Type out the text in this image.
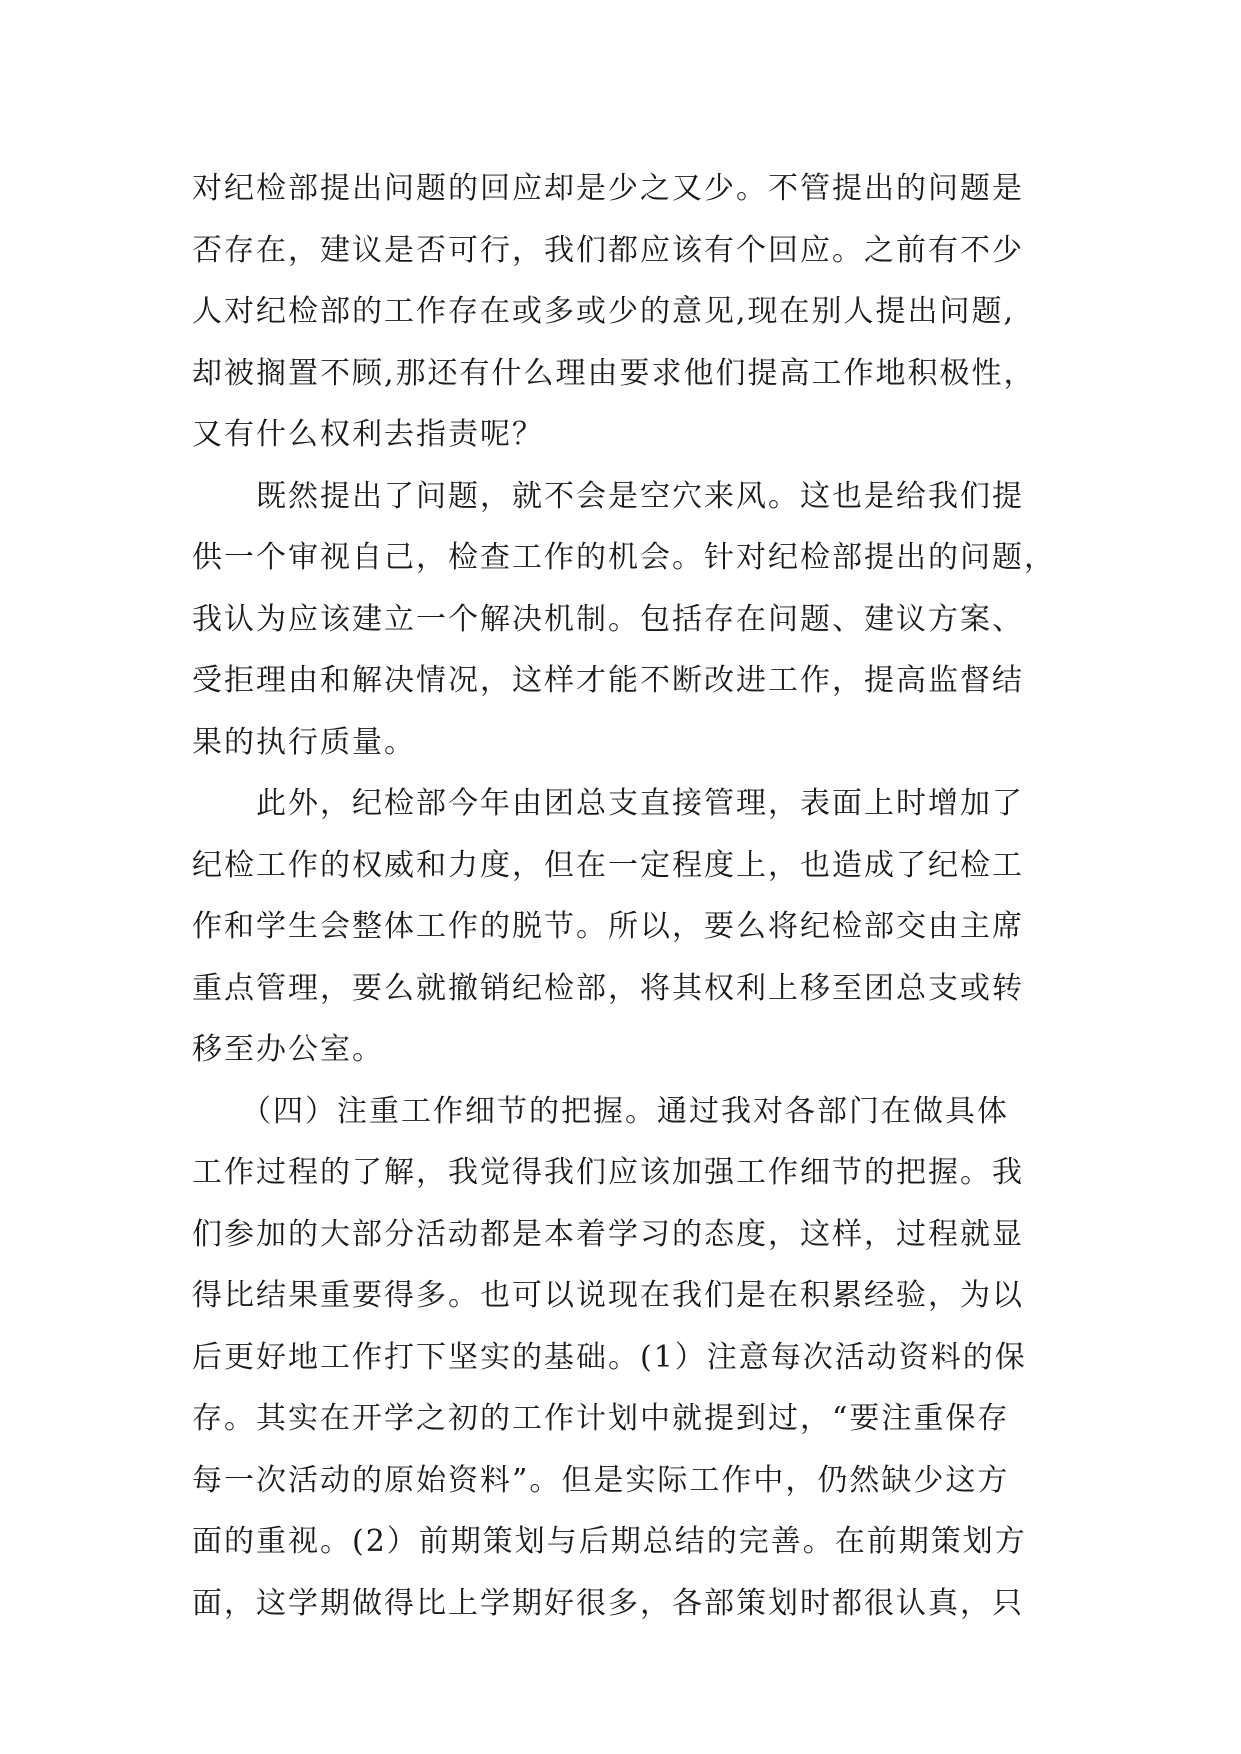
对纪检部提出问题的回应却是少之又少。不管提出的问题是
否存在，建议是否可行，我们都应该有个回应。之前有不少
人对纪检部的工作存在或多或少的意见,现在别人提出问题,
却被搁置不顾,那还有什么理由要求他们提高工作地积极性，
又有什么权利去指责呢？
　　既然提出了问题，就不会是空穴来风。这也是给我们提
供一个审视自己，检查工作的机会。针对纪检部提出的问题，
我认为应该建立一个解决机制。包括存在问题、建议方案、
受拒理由和解决情况，这样才能不断改进工作，提高监督结
果的执行质量。
　　此外，纪检部今年由团总支直接管理，表面上时增加了
纪检工作的权威和力度，但在一定程度上，也造成了纪检工
作和学生会整体工作的脱节。所以，要么将纪检部交由主席
重点管理，要么就撤销纪检部，将其权利上移至团总支或转
移至办公室。
　　（四）注重工作细节的把握。通过我对各部门在做具体
工作过程的了解，我觉得我们应该加强工作细节的把握。我
们参加的大部分活动都是本着学习的态度，这样，过程就显
得比结果重要得多。也可以说现在我们是在积累经验，为以
后更好地工作打下坚实的基础。(1）注意每次活动资料的保
存。其实在开学之初的工作计划中就提到过，“要注重保存
每一次活动的原始资料”。但是实际工作中，仍然缺少这方
面的重视。(2）前期策划与后期总结的完善。在前期策划方
面，这学期做得比上学期好很多，各部策划时都很认真，只
